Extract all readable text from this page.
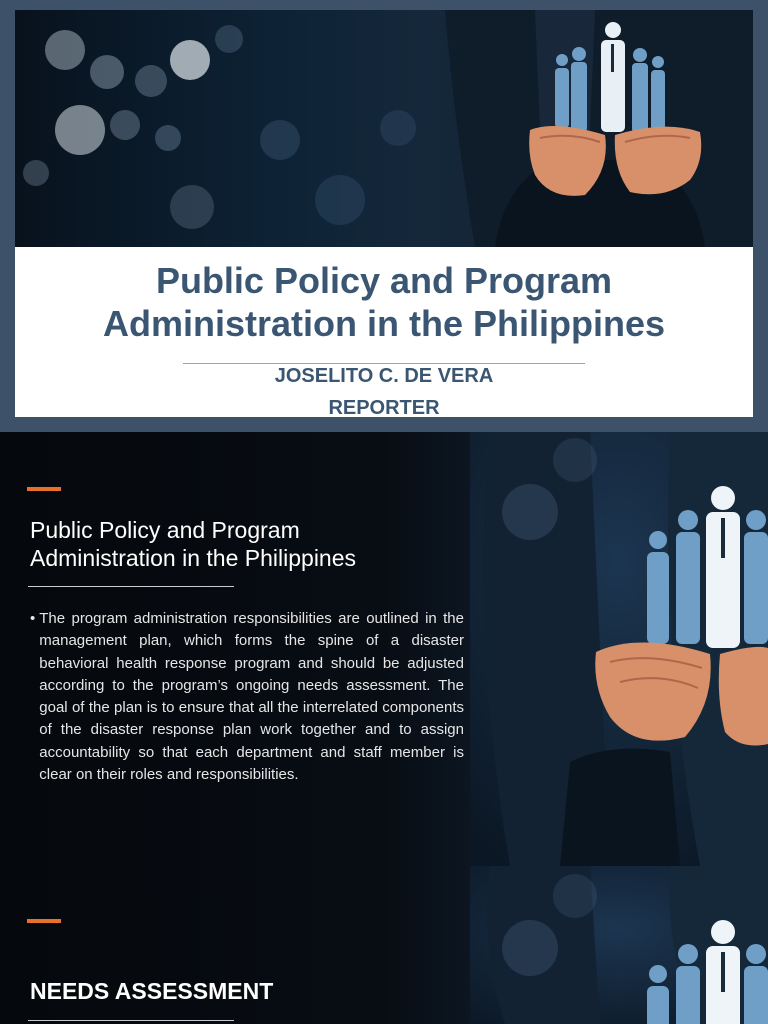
Public Policy and Program
Administration in the Philippines
JOSELITO C. DE VERA
REPORTER
Public Policy and Program
Administration in the Philippines
• The program administration responsibilities are outlined in the management plan, which forms the spine of a disaster behavioral health response program and should be adjusted according to the program’s ongoing needs assessment. The goal of the plan is to ensure that all the interrelated components of the disaster response plan work together and to assign accountability so that each department and staff member is clear on their roles and responsibilities.

NEEDS ASSESSMENT
